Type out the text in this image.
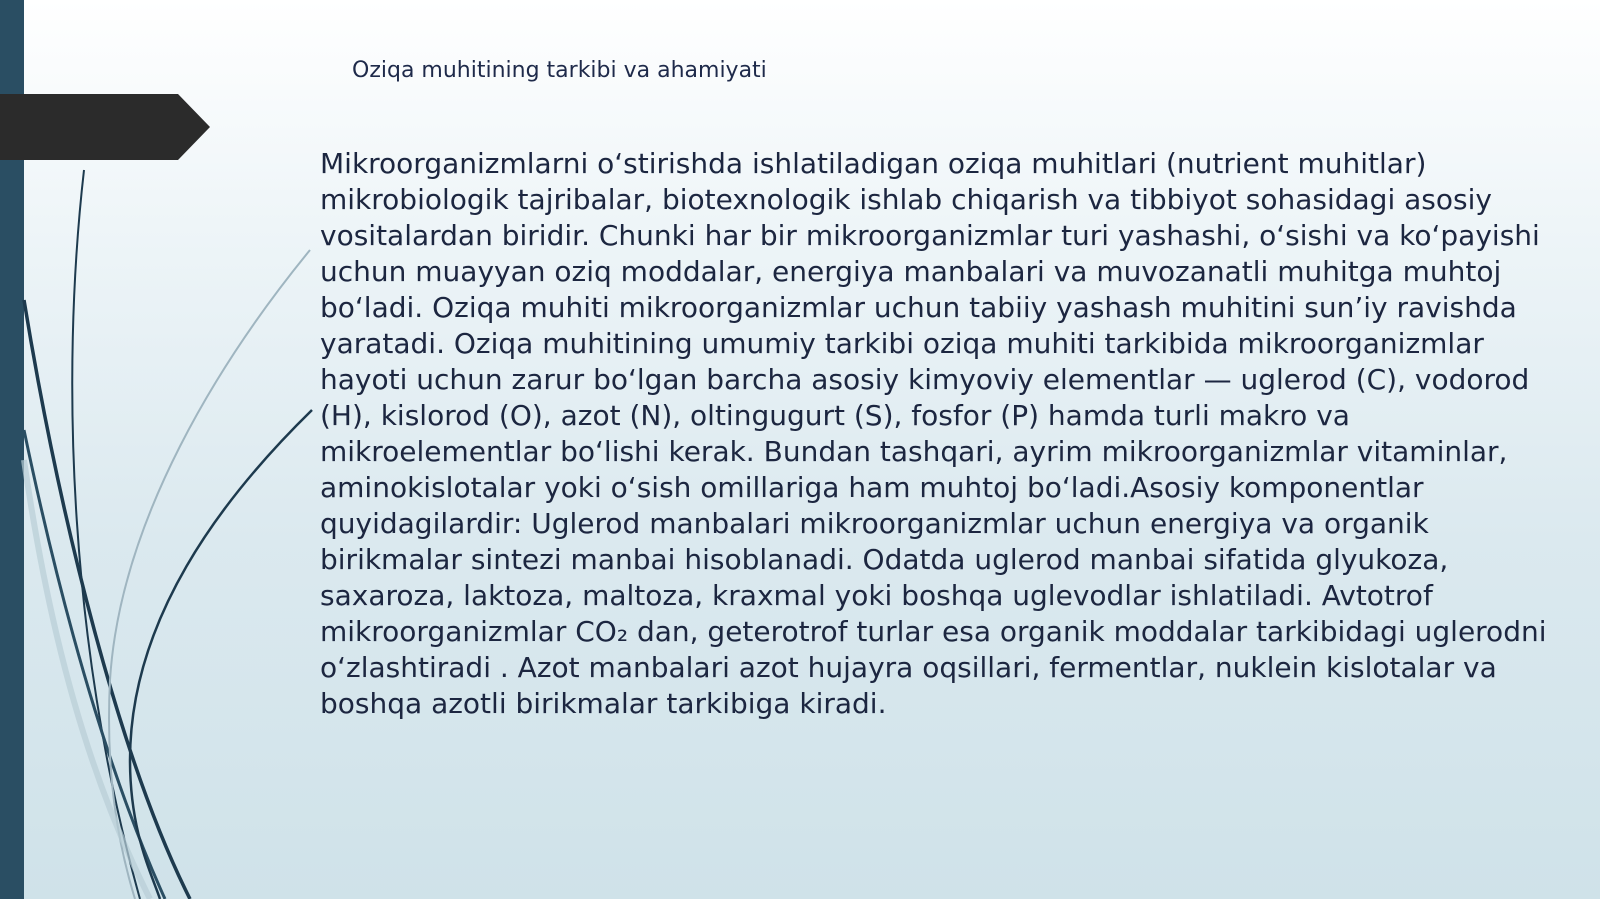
Oziqa muhitining tarkibi va ahamiyati

Mikroorganizmlarni o‘stirishda ishlatiladigan oziqa muhitlari (nutrient muhitlar) mikrobiologik tajribalar, biotexnologik ishlab chiqarish va tibbiyot sohasidagi asosiy vositalardan biridir. Chunki har bir mikroorganizmlar turi yashashi, o‘sishi va ko‘payishi uchun muayyan oziq moddalar, energiya manbalari va muvozanatli muhitga muhtoj bo‘ladi. Oziqa muhiti mikroorganizmlar uchun tabiiy yashash muhitini sun’iy ravishda yaratadi. Oziqa muhitining umumiy tarkibi oziqa muhiti tarkibida mikroorganizmlar hayoti uchun zarur bo‘lgan barcha asosiy kimyoviy elementlar — uglerod (C), vodorod (H), kislorod (O), azot (N), oltingugurt (S), fosfor (P) hamda turli makro va mikroelementlar bo‘lishi kerak. Bundan tashqari, ayrim mikroorganizmlar vitaminlar, aminokislotalar yoki o‘sish omillariga ham muhtoj bo‘ladi.Asosiy komponentlar quyidagilardir: Uglerod manbalari mikroorganizmlar uchun energiya va organik birikmalar sintezi manbai hisoblanadi. Odatda uglerod manbai sifatida glyukoza, saxaroza, laktoza, maltoza, kraxmal yoki boshqa uglevodlar ishlatiladi. Avtotrof mikroorganizmlar CO₂ dan, geterotrof turlar esa organik moddalar tarkibidagi uglerodni o‘zlashtiradi . Azot manbalari azot hujayra oqsillari, fermentlar, nuklein kislotalar va boshqa azotli birikmalar tarkibiga kiradi.
